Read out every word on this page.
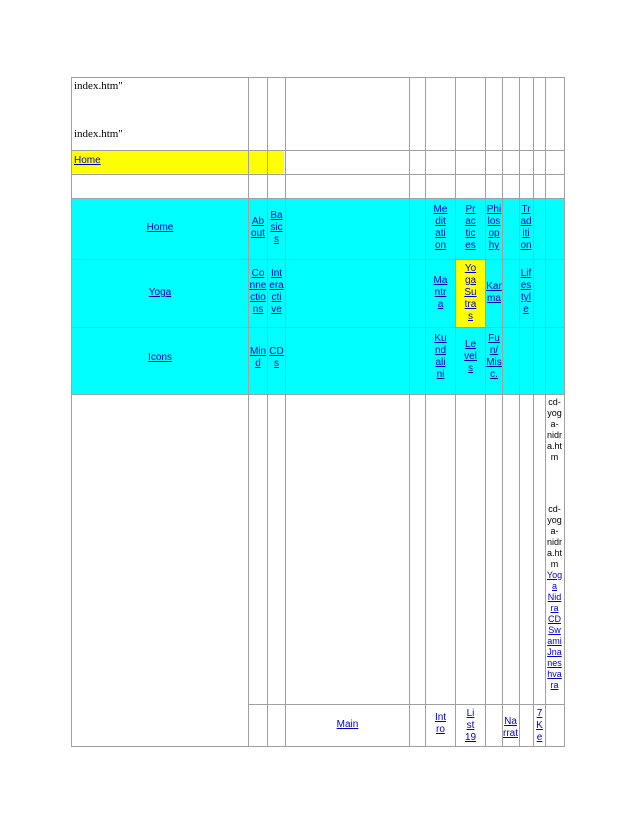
index.htm"
index.htm"
Home
Home
Ab
out
Ba
sic
s
Me
dit
ati
on
Pr
ac
tic
es
Phi
los
op
hy
Tr
ad
iti
on
Yoga
Co
nne
ctio
ns
Int
era
cti
ve
Ma
ntr
a
Yo
ga
Su
tra
s
Kar
ma
Lif
es
tyl
e
Icons
Min
d
CD
s
Ku
nd
ali
ni
Le
vel
s
Fu
n/
Mis
c.
cd-
yog
a-
nidr
a.ht
m
cd-
yog
a-
nidr
a.ht
m
Yog
a
Nid
ra
CD
Sw
ami
Jna
nes
hva
ra
Main
Int
ro
Li
st
19
Na
rrat
7
K
e
